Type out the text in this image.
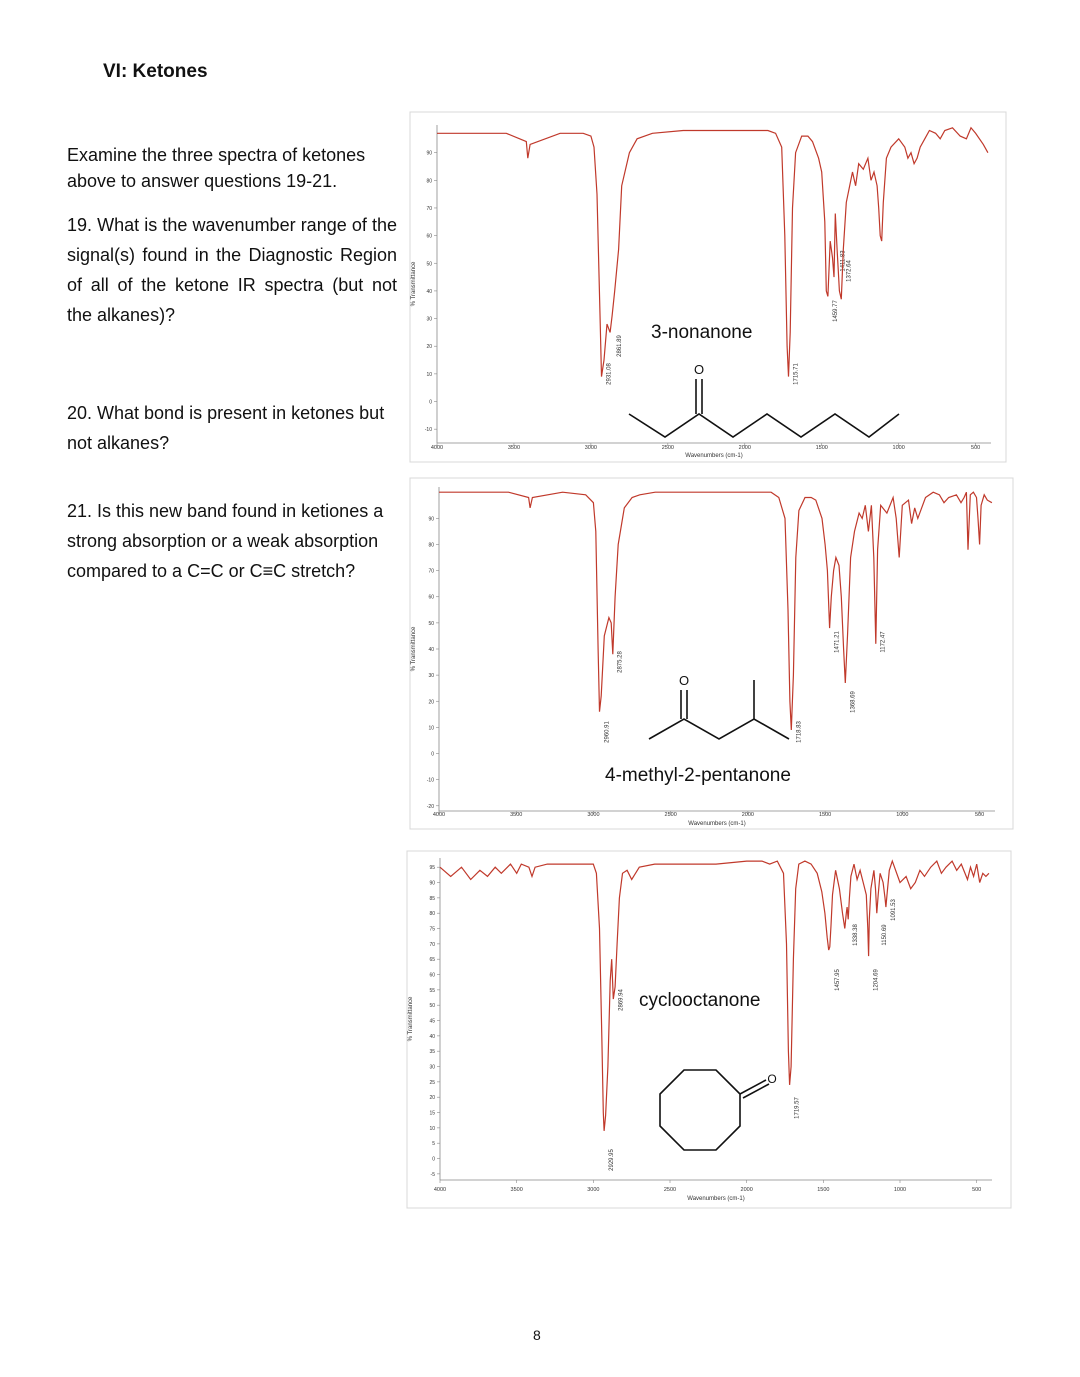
VI: Ketones
Examine the three spectra of ketones above to answer questions 19-21.
19. What is the wavenumber range of the signal(s) found in the Diagnostic Region of all of the ketone IR spectra (but not the alkanes)?
20. What bond is present in ketones but not alkanes?
21. Is this new band found in ketiones a strong absorption or a weak absorption compared to a C=C or C≡C stretch?
4000	3500	3000	2500	2000	1500	1000	500
-10
0
10
20
30
40
50
60
70
80
90
2931.08
2861.89
1715.71
1459.77
1411.83 1372.64
Wavenumbers (cm-1)
% Transmittance
3-nonanone
O
4000	3500	3000	2500	2000	1500	1000	500
-20
-10
0
10
20
30
40
50
60
70
80
90
2960.91
2875.28
1718.83
1471.21
1368.69
1172.47
Wavenumbers (cm-1)
% Transmittance
4-methyl-2-pentanone
O
4000	3500	3000	2500	2000	1500	1000	500
-5
0
5
10
15
20
25
30
35
40
45
50
55
60
65
70
75
80
85
90
95
2929.95
2869.94
1719.57
1457.95
1338.38
1204.69
1150.69
1091.53
Wavenumbers (cm-1)
% Transmittance	cyclooctanone
O
8
